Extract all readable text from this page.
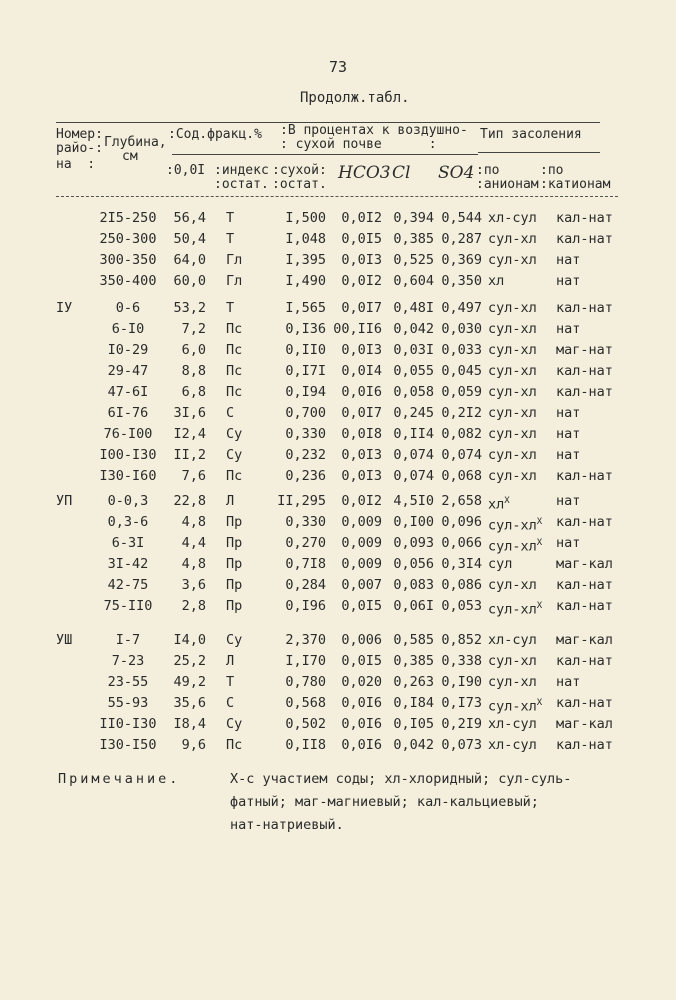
73
Продолж.табл.
Номер:
райо-:
на  :
Глубина,
см
:Сод.фракц.% :В процентах к воздушно-
: сухой почве      :
Тип засоления
:0,0I :индекс
:остат.
:сухой:
:остат.
HCO3 Cl SO4 :по
:анионам
:по
:катионам
2I5-250	56,4 Т	I,500	0,0I2 0,394 0,544 хл-сул	кал-нат
250-300	50,4 Т	I,048	0,0I5 0,385 0,287 сул-хл	кал-нат
300-350	64,0 Гл	I,395	0,0I3 0,525 0,369 сул-хл	нат
350-400	60,0 Гл	I,490	0,0I2 0,604 0,350 хл	нат
IУ	0-6	53,2 Т	I,565	0,0I7 0,48I 0,497 сул-хл	кал-нат
6-I0	7,2 Пс	0,I36 00,II6 0,042 0,030 сул-хл	нат
I0-29	6,0 Пс	0,II0	0,0I3 0,03I 0,033 сул-хл	маг-нат
29-47	8,8 Пс	0,I7I	0,0I4 0,055 0,045 сул-хл	кал-нат
47-6I	6,8 Пс	0,I94	0,0I6 0,058 0,059 сул-хл	кал-нат
6I-76	3I,6 С	0,700	0,0I7 0,245 0,2I2 сул-хл	нат
76-I00	I2,4 Су	0,330	0,0I8 0,II4 0,082 сул-хл	нат
I00-I30	II,2 Су	0,232	0,0I3 0,074 0,074 сул-хл	нат
I30-I60	7,6 Пс	0,236	0,0I3 0,074 0,068 сул-хл	кал-нат
УП	0-0,3	22,8 Л	II,295	0,0I2 4,5I0 2,658 $хл^X$	нат
0,3-6	4,8 Пр	0,330	0,009 0,I00 0,096 сул-$хл^X$	кал-нат
6-3I	4,4 Пр	0,270	0,009 0,093 0,066 сул-$хл^X$	нат
3I-42	4,8 Пр	0,7I8	0,009 0,056 0,3I4 сул	маг-кал
42-75	3,6 Пр	0,284	0,007 0,083 0,086 сул-хл	кал-нат
75-II0	2,8 Пр	0,I96	0,0I5 0,06I 0,053 сул-$хл^X$	кал-нат
УШ	I-7	I4,0 Су	2,370	0,006 0,585 0,852 хл-сул	маг-кал
7-23	25,2 Л	I,I70	0,0I5 0,385 0,338 сул-хл	кал-нат
23-55	49,2 Т	0,780	0,020 0,263 0,I90 сул-хл	нат
55-93	35,6 С	0,568	0,0I6 0,I84 0,I73 сул-$хл^X$	кал-нат
II0-I30	I8,4 Су	0,502	0,0I6 0,I05 0,2I9 хл-сул	маг-кал
I30-I50	9,6 Пс	0,II8	0,0I6 0,042 0,073 хл-сул	кал-нат
Примечание.	Х-с участием соды; хл-хлоридный; сул-суль-
фатный; маг-магниевый; кал-кальциевый;
нат-натриевый.
